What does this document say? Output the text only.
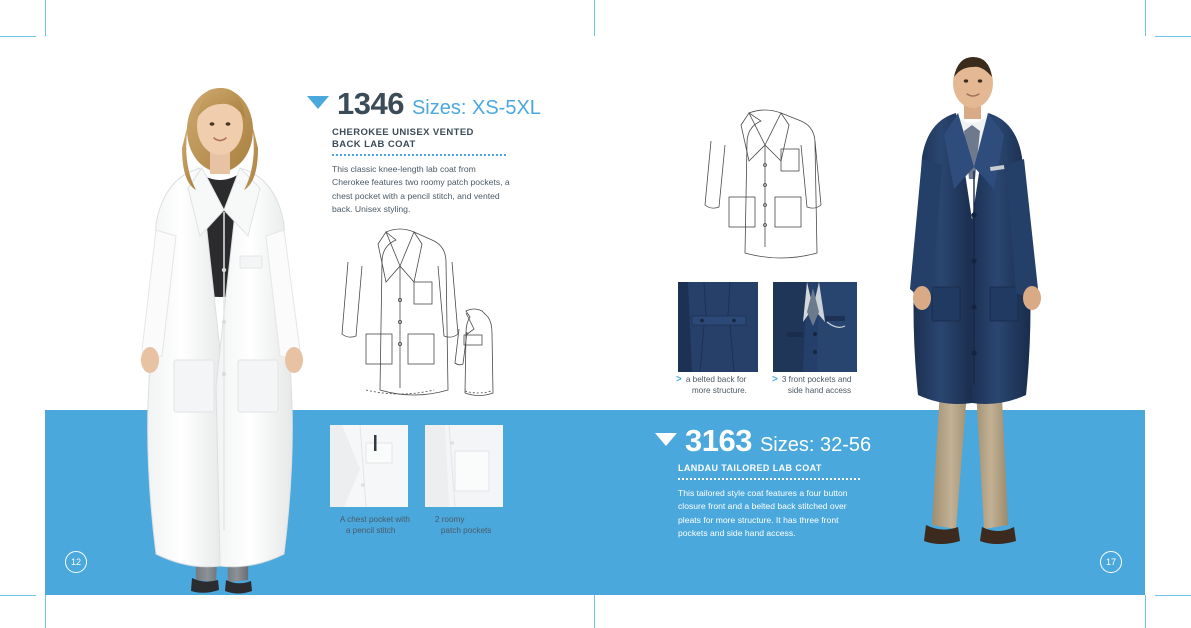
12	17
1346 Sizes: XS-5XL
CHEROKEE UNISEX VENTED
BACK LAB COAT
This classic knee-length lab coat from Cherokee features two roomy patch pockets, a chest pocket with a pencil stitch, and vented back. Unisex styling.
> A chest pocket with
a pencil stitch
> 2 roomy
patch pockets
> a belted back for
more structure.
> 3 front pockets and
side hand access
3163 Sizes: 32-56
LANDAU TAILORED LAB COAT
This tailored style coat features a four button closure front and a belted back stitched over pleats for more structure. It has three front pockets and side hand access.
